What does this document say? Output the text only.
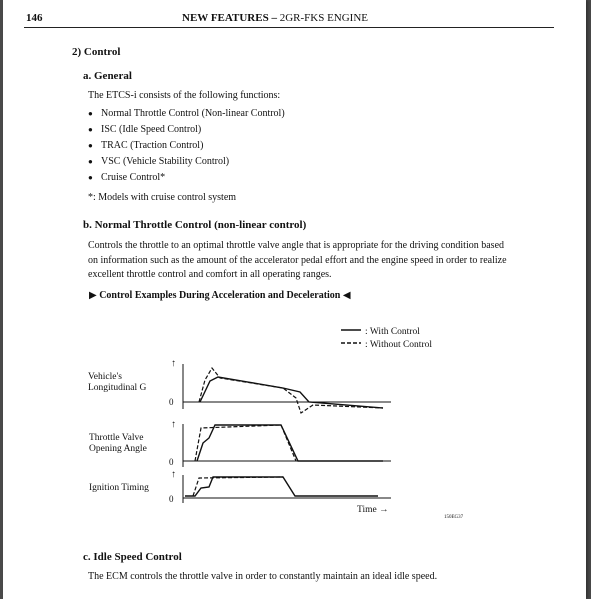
146	NEW FEATURES – 2GR-FKS ENGINE
2) Control
a. General
The ETCS-i consists of the following functions:
● Normal Throttle Control (Non-linear Control)
● ISC (Idle Speed Control)
● TRAC (Traction Control)
● VSC (Vehicle Stability Control)
● Cruise Control*
*: Models with cruise control system
b. Normal Throttle Control (non-linear control)
Controls the throttle to an optimal throttle valve angle that is appropriate for the driving condition based on information such as the amount of the accelerator pedal effort and the engine speed in order to realize excellent throttle control and comfort in all operating ranges.
▶ Control Examples During Acceleration and Deceleration ◀
: With Control
: Without Control
Vehicle's
Longitudinal G
↑
0
Throttle Valve
Opening Angle
↑
0
Ignition Timing
↑
0
Time →
150EG37
c. Idle Speed Control
The ECM controls the throttle valve in order to constantly maintain an ideal idle speed.
